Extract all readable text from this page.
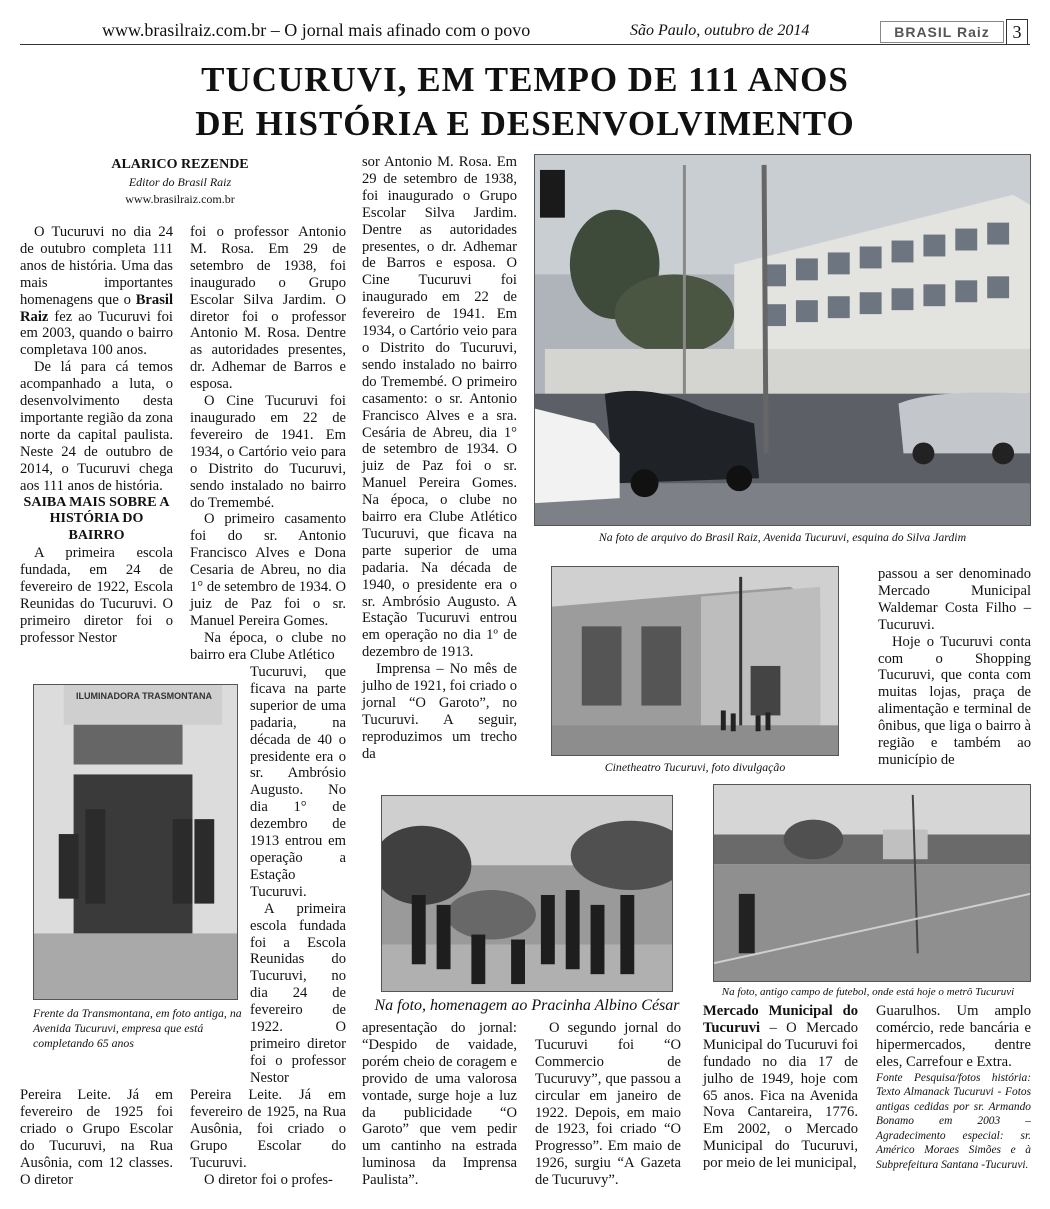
www.brasilraiz.com.br – O jornal mais afinado com o povo	São Paulo, outubro de 2014	BRASIL Raiz	3
TUCURUVI, EM TEMPO DE 111 ANOS
DE HISTÓRIA E DESENVOLVIMENTO
ALARICO REZENDE
Editor do Brasil Raiz
www.brasilraiz.com.br

O Tucuruvi no dia 24 de outubro completa 111 anos de história. Uma das mais importantes homenagens que o Brasil Raiz fez ao Tucuruvi foi em 2003, quando o bairro completava 100 anos.

De lá para cá temos acompanhado a luta, o desenvolvimento desta importante região da zona norte da capital paulista. Neste 24 de outubro de 2014, o Tucuruvi chega aos 111 anos de história.

SAIBA MAIS SOBRE A HISTÓRIA DO BAIRRO

A primeira escola fundada, em 24 de fevereiro de 1922, Escola Reunidas do Tucuruvi. O primeiro diretor foi o professor Nestor

Pereira Leite. Já em fevereiro de 1925 foi criado o Grupo Escolar do Tucuruvi, na Rua Ausônia, com 12 classes. O diretor

foi o professor Antonio M. Rosa. Em 29 de setembro de 1938, foi inaugurado o Grupo Escolar Silva Jardim. O diretor foi o professor Antonio M. Rosa. Dentre as autoridades presentes, dr. Adhemar de Barros e esposa.

O Cine Tucuruvi foi inaugurado em 22 de fevereiro de 1941. Em 1934, o Cartório veio para o Distrito do Tucuruvi, sendo instalado no bairro do Tremembé.

O primeiro casamento foi do sr. Antonio Francisco Alves e Dona Cesaria de Abreu, no dia 1° de setembro de 1934. O juiz de Paz foi o sr. Manuel Pereira Gomes.

Na época, o clube no bairro era Clube Atlético

Tucuruvi, que ficava na parte superior de uma padaria, na década de 40 o presidente era o sr. Ambrósio Augusto. No dia 1° de dezembro de 1913 entrou em operação a Estação Tucuruvi.

A primeira escola fundada foi a Escola Reunidas do Tucuruvi, no dia 24 de fevereiro de 1922. O primeiro diretor foi o professor Nestor

Pereira Leite. Já em fevereiro de 1925, na Rua Ausônia, foi criado o Grupo Escolar do Tucuruvi.

O diretor foi o profes-

sor Antonio M. Rosa. Em 29 de setembro de 1938, foi inaugurado o Grupo Escolar Silva Jardim. Dentre as autoridades presentes, o dr. Adhemar de Barros e esposa. O Cine Tucuruvi foi inaugurado em 22 de fevereiro de 1941. Em 1934, o Cartório veio para o Distrito do Tucuruvi, sendo instalado no bairro do Tremembé. O primeiro casamento: o sr. Antonio Francisco Alves e a sra. Cesária de Abreu, dia 1° de setembro de 1934. O juiz de Paz foi o sr. Manuel Pereira Gomes. Na época, o clube no bairro era Clube Atlético Tucuruvi, que ficava na parte superior de uma padaria. Na década de 1940, o presidente era o sr. Ambrósio Augusto. A Estação Tucuruvi entrou em operação no dia 1º de dezembro de 1913.

Imprensa – No mês de julho de 1921, foi criado o jornal “O Garoto”, no Tucuruvi. A seguir, reproduzimos um trecho da

apresentação do jornal: “Despido de vaidade, porém cheio de coragem e provido de uma valorosa vontade, surge hoje a luz da publicidade “O Garoto” que vem pedir um cantinho na estrada luminosa da Imprensa Paulista”.

O segundo jornal do Tucuruvi foi “O Commercio de Tucuruvy”, que passou a circular em janeiro de 1922. Depois, em maio de 1923, foi criado “O Progresso”. Em maio de 1926, surgiu “A Gazeta de Tucuruvy”.

Mercado Municipal do Tucuruvi – O Mercado Municipal do Tucuruvi foi fundado no dia 17 de julho de 1949, hoje com 65 anos. Fica na Avenida Nova Cantareira, 1776. Em 2002, o Mercado Municipal do Tucuruvi, por meio de lei municipal,

passou a ser denominado Mercado Municipal Waldemar Costa Filho – Tucuruvi.

Hoje o Tucuruvi conta com o Shopping Tucuruvi, que conta com muitas lojas, praça de alimentação e terminal de ônibus, que liga o bairro à região e também ao município de

Guarulhos. Um amplo comércio, rede bancária e hipermercados, dentre eles, Carrefour e Extra.

Fonte Pesquisa/fotos história: Texto Almanack Tucuruvi - Fotos antigas cedidas por sr. Armando Bonamo em 2003 – Agradecimento especial: sr. Américo Moraes Simões e à Subprefeitura Santana -Tucuruvi.
Na foto de arquivo do Brasil Raiz, Avenida Tucuruvi, esquina do Silva Jardim
Cinetheatro Tucuruvi, foto divulgação
ILUMINADORA TRASMONTANA
Frente da Transmontana, em foto antiga, na Avenida Tucuruvi, empresa que está completando 65 anos
Na foto, homenagem ao Pracinha Albino César
Na foto, antigo campo de futebol, onde está hoje o metrô Tucuruvi
